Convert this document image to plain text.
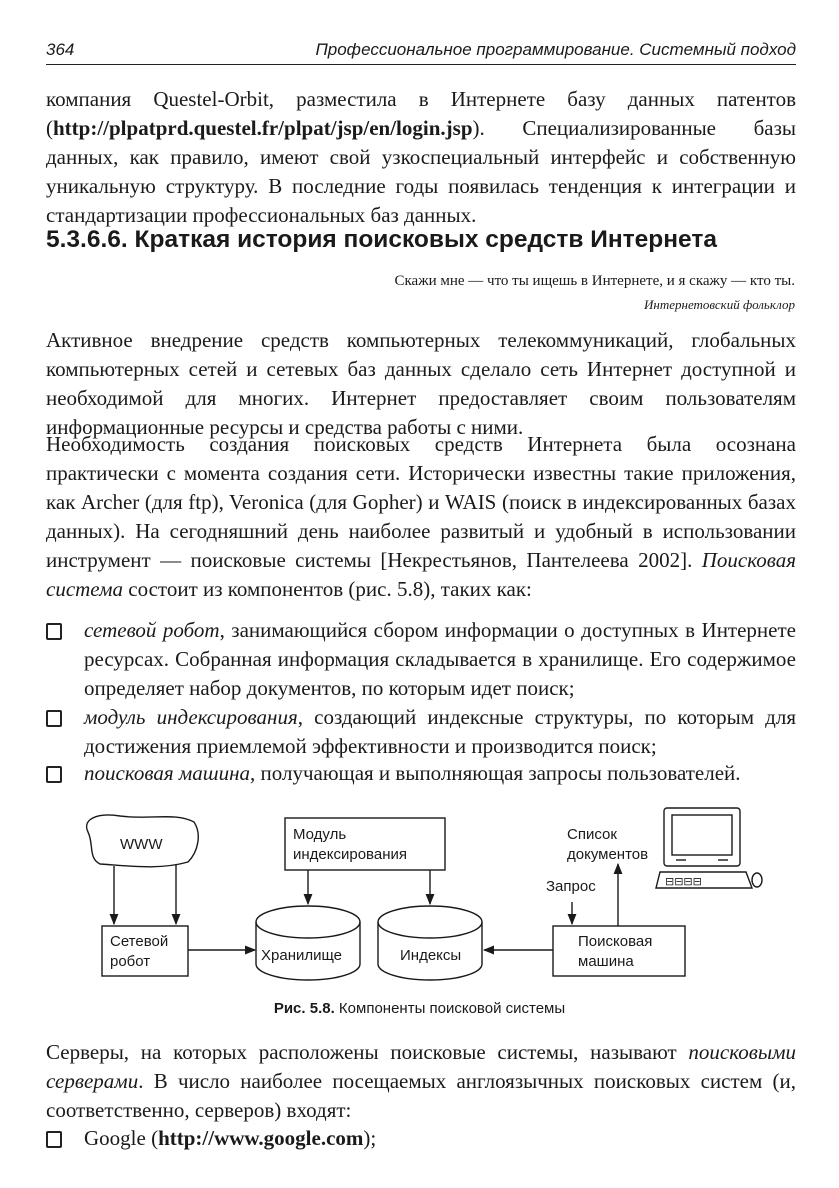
364	Профессиональное программирование. Системный подход
компания Questel-Orbit, разместила в Интернете базу данных патентов (http://plpatprd.questel.fr/plpat/jsp/en/login.jsp). Специализированные базы данных, как правило, имеют свой узкоспециальный интерфейс и собственную уникальную структуру. В последние годы появилась тенденция к интеграции и стандартизации профессиональных баз данных.
5.3.6.6. Краткая история поисковых средств Интернета
Скажи мне — что ты ищешь в Интернете, и я скажу — кто ты.
Интернетовский фольклор
Активное внедрение средств компьютерных телекоммуникаций, глобальных компьютерных сетей и сетевых баз данных сделало сеть Интернет доступной и необходимой для многих. Интернет предоставляет своим пользователям информационные ресурсы и средства работы с ними.
Необходимость создания поисковых средств Интернета была осознана практически с момента создания сети. Исторически известны такие приложения, как Archer (для ftp), Veronica (для Gopher) и WAIS (поиск в индексированных базах данных). На сегодняшний день наиболее развитый и удобный в использовании инструмент — поисковые системы [Некрестьянов, Пантелеева 2002]. Поисковая система состоит из компонентов (рис. 5.8), таких как:
сетевой робот, занимающийся сбором информации о доступных в Интернете ресурсах. Собранная информация складывается в хранилище. Его содержимое определяет набор документов, по которым идет поиск;
модуль индексирования, создающий индексные структуры, по которым для достижения приемлемой эффективности и производится поиск;
поисковая машина, получающая и выполняющая запросы пользователей.
WWW
Модуль
индексирования
Список
документов
Запрос
Сетевой
робот	Хранилище	Индексы
Поисковая
машина
⊟⊟⊟⊟
Рис. 5.8. Компоненты поисковой системы
Серверы, на которых расположены поисковые системы, называют поисковыми серверами. В число наиболее посещаемых англоязычных поисковых систем (и, соответственно, серверов) входят:
Google (http://www.google.com);
